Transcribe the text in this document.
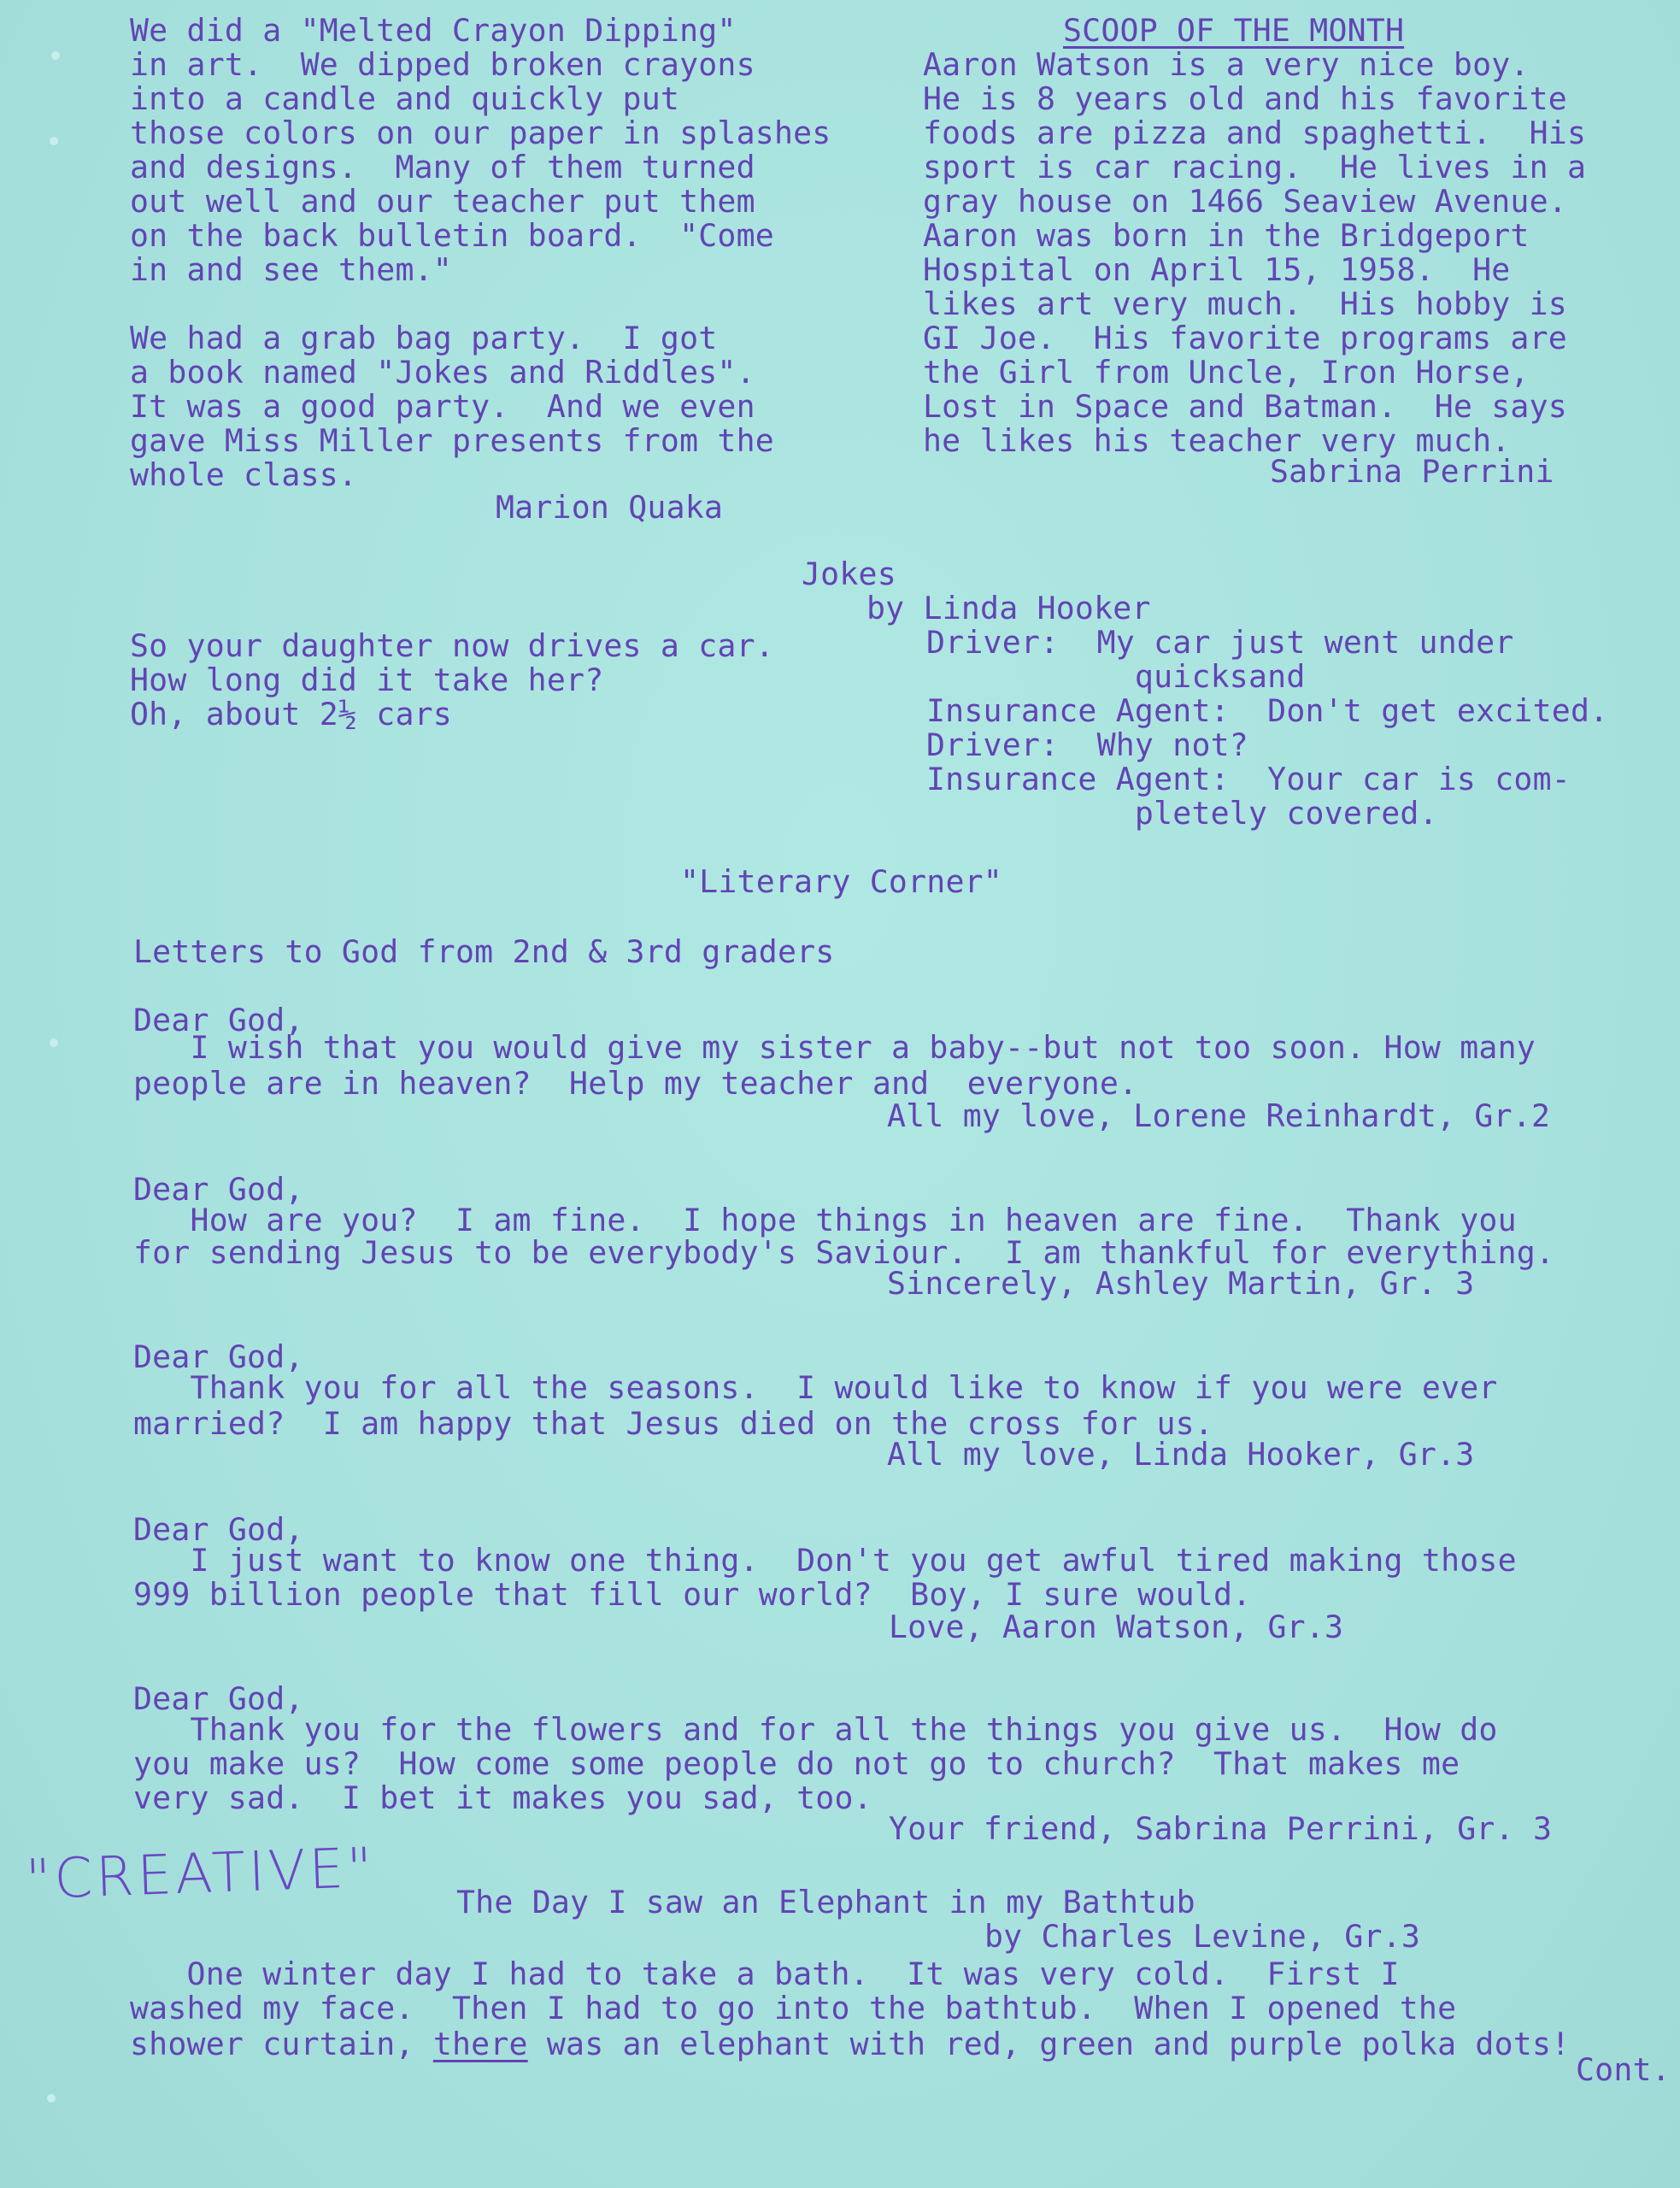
We did a "Melted Crayon Dipping"

in art.  We dipped broken crayons

into a candle and quickly put

those colors on our paper in splashes

and designs.  Many of them turned

out well and our teacher put them

on the back bulletin board.  "Come

in and see them."

We had a grab bag party.  I got

a book named "Jokes and Riddles".

It was a good party.  And we even

gave Miss Miller presents from the

whole class.

Marion Quaka

SCOOP OF THE MONTH

Aaron Watson is a very nice boy.

He is 8 years old and his favorite

foods are pizza and spaghetti.  His

sport is car racing.  He lives in a

gray house on 1466 Seaview Avenue.

Aaron was born in the Bridgeport

Hospital on April 15, 1958.  He

likes art very much.  His hobby is

GI Joe.  His favorite programs are

the Girl from Uncle, Iron Horse,

Lost in Space and Batman.  He says

he likes his teacher very much.

Sabrina Perrini

Jokes

by Linda Hooker

So your daughter now drives a car.

How long did it take her?

Oh, about 2½ cars

Driver:  My car just went under

quicksand

Insurance Agent:  Don't get excited.

Driver:  Why not?

Insurance Agent:  Your car is com-

pletely covered.

"Literary Corner"

Letters to God from 2nd & 3rd graders

Dear God,

I wish that you would give my sister a baby--but not too soon. How many

people are in heaven?  Help my teacher and  everyone.

All my love, Lorene Reinhardt, Gr.2

Dear God,

How are you?  I am fine.  I hope things in heaven are fine.  Thank you

for sending Jesus to be everybody's Saviour.  I am thankful for everything.

Sincerely, Ashley Martin, Gr. 3

Dear God,

Thank you for all the seasons.  I would like to know if you were ever

married?  I am happy that Jesus died on the cross for us.

All my love, Linda Hooker, Gr.3

Dear God,

I just want to know one thing.  Don't you get awful tired making those

999 billion people that fill our world?  Boy, I sure would.

Love, Aaron Watson, Gr.3

Dear God,

Thank you for the flowers and for all the things you give us.  How do

you make us?  How come some people do not go to church?  That makes me

very sad.  I bet it makes you sad, too.

Your friend, Sabrina Perrini, Gr. 3

"CREATIVE"	The Day I saw an Elephant in my Bathtub

by Charles Levine, Gr.3

One winter day I had to take a bath.  It was very cold.  First I

washed my face.  Then I had to go into the bathtub.  When I opened the

shower curtain, there was an elephant with red, green and purple polka dots!

Cont.
